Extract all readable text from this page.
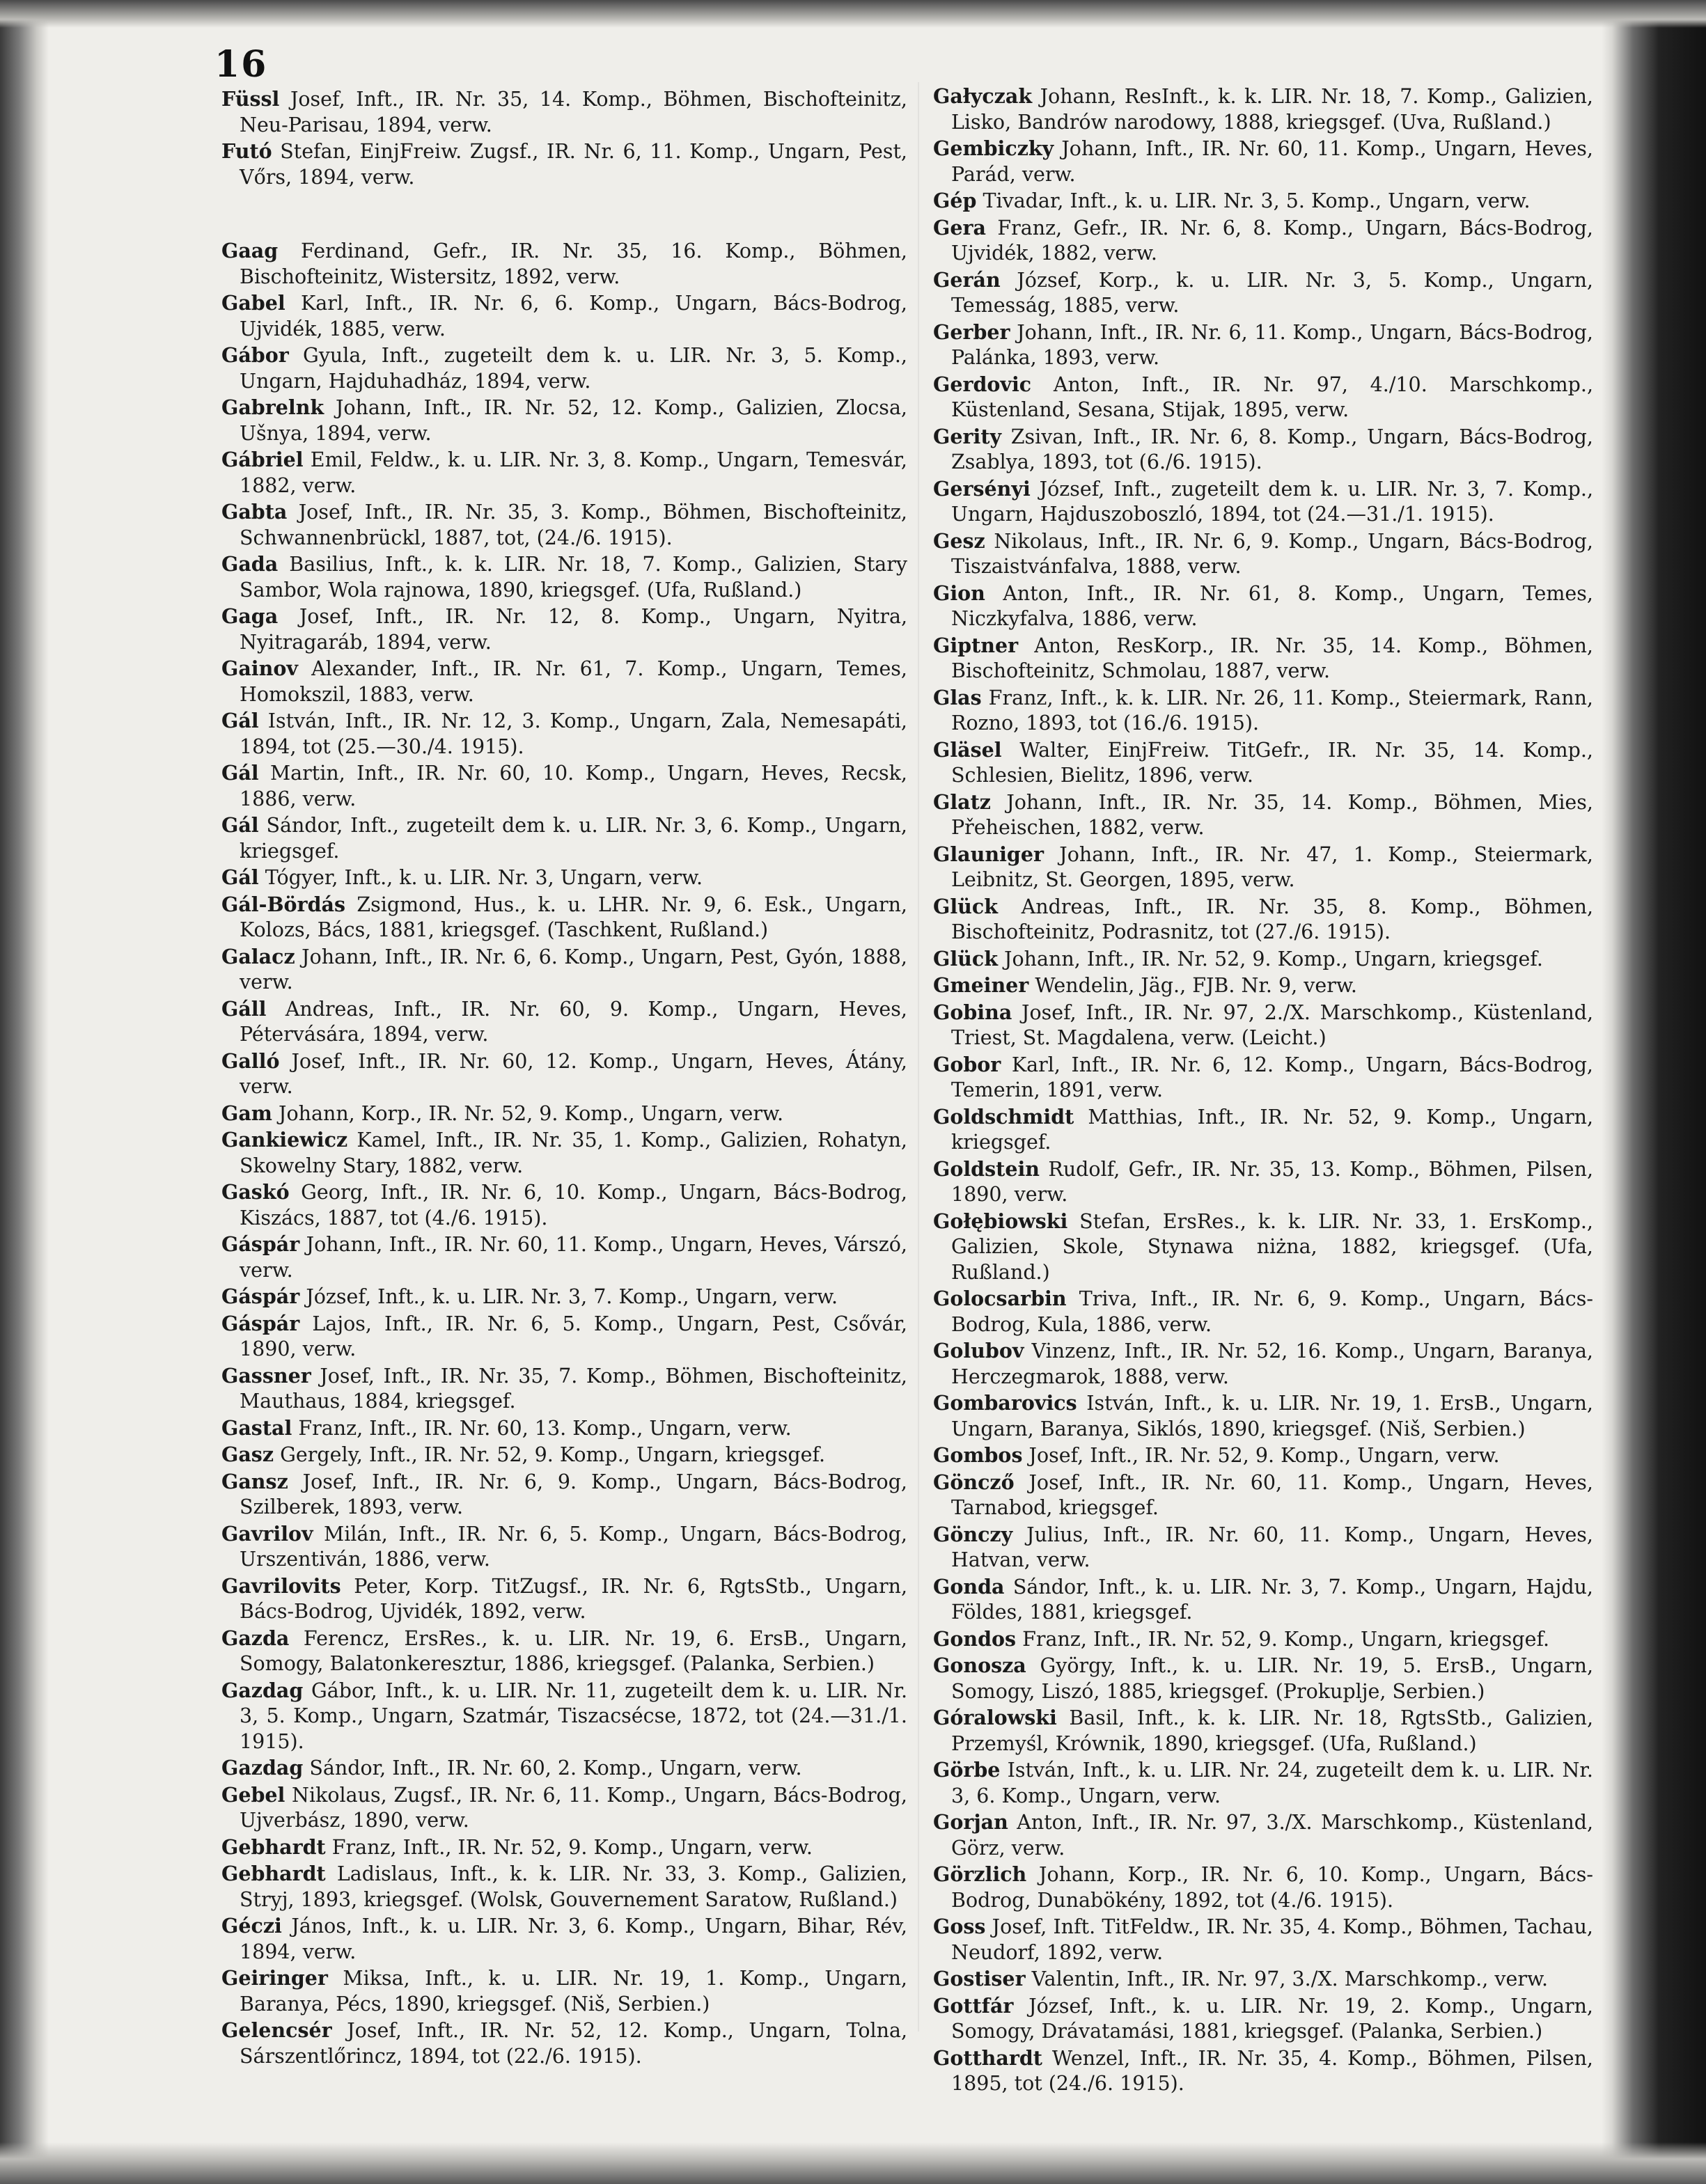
16

Füssl Josef, Inft., IR. Nr. 35, 14. Komp., Böhmen, Bischofteinitz, Neu-Parisau, 1894, verw.

Futó Stefan, EinjFreiw. Zugsf., IR. Nr. 6, 11. Komp., Ungarn, Pest, Vőrs, 1894, verw.

Gaag Ferdinand, Gefr., IR. Nr. 35, 16. Komp., Böhmen, Bischofteinitz, Wistersitz, 1892, verw.

Gabel Karl, Inft., IR. Nr. 6, 6. Komp., Ungarn, Bács-Bodrog, Ujvidék, 1885, verw.

Gábor Gyula, Inft., zugeteilt dem k. u. LIR. Nr. 3, 5. Komp., Ungarn, Hajduhadház, 1894, verw.

Gabrelnk Johann, Inft., IR. Nr. 52, 12. Komp., Galizien, Zlocsa, Ušnya, 1894, verw.

Gábriel Emil, Feldw., k. u. LIR. Nr. 3, 8. Komp., Ungarn, Temesvár, 1882, verw.

Gabta Josef, Inft., IR. Nr. 35, 3. Komp., Böhmen, Bischofteinitz, Schwannenbrückl, 1887, tot, (24./6. 1915).

Gada Basilius, Inft., k. k. LIR. Nr. 18, 7. Komp., Galizien, Stary Sambor, Wola rajnowa, 1890, kriegsgef. (Ufa, Rußland.)

Gaga Josef, Inft., IR. Nr. 12, 8. Komp., Ungarn, Nyitra, Nyitragaráb, 1894, verw.

Gainov Alexander, Inft., IR. Nr. 61, 7. Komp., Ungarn, Temes, Homokszil, 1883, verw.

Gál István, Inft., IR. Nr. 12, 3. Komp., Ungarn, Zala, Nemesapáti, 1894, tot (25.—30./4. 1915).

Gál Martin, Inft., IR. Nr. 60, 10. Komp., Ungarn, Heves, Recsk, 1886, verw.

Gál Sándor, Inft., zugeteilt dem k. u. LIR. Nr. 3, 6. Komp., Ungarn, kriegsgef.

Gál Tógyer, Inft., k. u. LIR. Nr. 3, Ungarn, verw.

Gál-Bördás Zsigmond, Hus., k. u. LHR. Nr. 9, 6. Esk., Ungarn, Kolozs, Bács, 1881, kriegsgef. (Taschkent, Rußland.)

Galacz Johann, Inft., IR. Nr. 6, 6. Komp., Ungarn, Pest, Gyón, 1888, verw.

Gáll Andreas, Inft., IR. Nr. 60, 9. Komp., Ungarn, Heves, Pétervására, 1894, verw.

Galló Josef, Inft., IR. Nr. 60, 12. Komp., Ungarn, Heves, Átány, verw.

Gam Johann, Korp., IR. Nr. 52, 9. Komp., Ungarn, verw.

Gankiewicz Kamel, Inft., IR. Nr. 35, 1. Komp., Galizien, Rohatyn, Skowelny Stary, 1882, verw.

Gaskó Georg, Inft., IR. Nr. 6, 10. Komp., Ungarn, Bács-Bodrog, Kiszács, 1887, tot (4./6. 1915).

Gáspár Johann, Inft., IR. Nr. 60, 11. Komp., Ungarn, Heves, Várszó, verw.

Gáspár József, Inft., k. u. LIR. Nr. 3, 7. Komp., Ungarn, verw.

Gáspár Lajos, Inft., IR. Nr. 6, 5. Komp., Ungarn, Pest, Csővár, 1890, verw.

Gassner Josef, Inft., IR. Nr. 35, 7. Komp., Böhmen, Bischofteinitz, Mauthaus, 1884, kriegsgef.

Gastal Franz, Inft., IR. Nr. 60, 13. Komp., Ungarn, verw.

Gasz Gergely, Inft., IR. Nr. 52, 9. Komp., Ungarn, kriegsgef.

Gansz Josef, Inft., IR. Nr. 6, 9. Komp., Ungarn, Bács-Bodrog, Szilberek, 1893, verw.

Gavrilov Milán, Inft., IR. Nr. 6, 5. Komp., Ungarn, Bács-Bodrog, Urszentiván, 1886, verw.

Gavrilovits Peter, Korp. TitZugsf., IR. Nr. 6, RgtsStb., Ungarn, Bács-Bodrog, Ujvidék, 1892, verw.

Gazda Ferencz, ErsRes., k. u. LIR. Nr. 19, 6. ErsB., Ungarn, Somogy, Balatonkeresztur, 1886, kriegsgef. (Palanka, Serbien.)

Gazdag Gábor, Inft., k. u. LIR. Nr. 11, zugeteilt dem k. u. LIR. Nr. 3, 5. Komp., Ungarn, Szatmár, Tiszacsécse, 1872, tot (24.—31./1. 1915).

Gazdag Sándor, Inft., IR. Nr. 60, 2. Komp., Ungarn, verw.

Gebel Nikolaus, Zugsf., IR. Nr. 6, 11. Komp., Ungarn, Bács-Bodrog, Ujverbász, 1890, verw.

Gebhardt Franz, Inft., IR. Nr. 52, 9. Komp., Ungarn, verw.

Gebhardt Ladislaus, Inft., k. k. LIR. Nr. 33, 3. Komp., Galizien, Stryj, 1893, kriegsgef. (Wolsk, Gouvernement Saratow, Rußland.)

Géczi János, Inft., k. u. LIR. Nr. 3, 6. Komp., Ungarn, Bihar, Rév, 1894, verw.

Geiringer Miksa, Inft., k. u. LIR. Nr. 19, 1. Komp., Ungarn, Baranya, Pécs, 1890, kriegsgef. (Niš, Serbien.)

Gelencsér Josef, Inft., IR. Nr. 52, 12. Komp., Ungarn, Tolna, Sárszentlőrincz, 1894, tot (22./6. 1915).

Gałyczak Johann, ResInft., k. k. LIR. Nr. 18, 7. Komp., Galizien, Lisko, Bandrów narodowy, 1888, kriegsgef. (Uva, Rußland.)

Gembiczky Johann, Inft., IR. Nr. 60, 11. Komp., Ungarn, Heves, Parád, verw.

Gép Tivadar, Inft., k. u. LIR. Nr. 3, 5. Komp., Ungarn, verw.

Gera Franz, Gefr., IR. Nr. 6, 8. Komp., Ungarn, Bács-Bodrog, Ujvidék, 1882, verw.

Gerán József, Korp., k. u. LIR. Nr. 3, 5. Komp., Ungarn, Temesság, 1885, verw.

Gerber Johann, Inft., IR. Nr. 6, 11. Komp., Ungarn, Bács-Bodrog, Palánka, 1893, verw.

Gerdovic Anton, Inft., IR. Nr. 97, 4./10. Marschkomp., Küstenland, Sesana, Stijak, 1895, verw.

Gerity Zsivan, Inft., IR. Nr. 6, 8. Komp., Ungarn, Bács-Bodrog, Zsablya, 1893, tot (6./6. 1915).

Gersényi József, Inft., zugeteilt dem k. u. LIR. Nr. 3, 7. Komp., Ungarn, Hajduszoboszló, 1894, tot (24.—31./1. 1915).

Gesz Nikolaus, Inft., IR. Nr. 6, 9. Komp., Ungarn, Bács-Bodrog, Tiszaistvánfalva, 1888, verw.

Gion Anton, Inft., IR. Nr. 61, 8. Komp., Ungarn, Temes, Niczkyfalva, 1886, verw.

Giptner Anton, ResKorp., IR. Nr. 35, 14. Komp., Böhmen, Bischofteinitz, Schmolau, 1887, verw.

Glas Franz, Inft., k. k. LIR. Nr. 26, 11. Komp., Steiermark, Rann, Rozno, 1893, tot (16./6. 1915).

Gläsel Walter, EinjFreiw. TitGefr., IR. Nr. 35, 14. Komp., Schlesien, Bielitz, 1896, verw.

Glatz Johann, Inft., IR. Nr. 35, 14. Komp., Böhmen, Mies, Přeheischen, 1882, verw.

Glauniger Johann, Inft., IR. Nr. 47, 1. Komp., Steiermark, Leibnitz, St. Georgen, 1895, verw.

Glück Andreas, Inft., IR. Nr. 35, 8. Komp., Böhmen, Bischofteinitz, Podrasnitz, tot (27./6. 1915).

Glück Johann, Inft., IR. Nr. 52, 9. Komp., Ungarn, kriegsgef.

Gmeiner Wendelin, Jäg., FJB. Nr. 9, verw.

Gobina Josef, Inft., IR. Nr. 97, 2./X. Marschkomp., Küstenland, Triest, St. Magdalena, verw. (Leicht.)

Gobor Karl, Inft., IR. Nr. 6, 12. Komp., Ungarn, Bács-Bodrog, Temerin, 1891, verw.

Goldschmidt Matthias, Inft., IR. Nr. 52, 9. Komp., Ungarn, kriegsgef.

Goldstein Rudolf, Gefr., IR. Nr. 35, 13. Komp., Böhmen, Pilsen, 1890, verw.

Gołębiowski Stefan, ErsRes., k. k. LIR. Nr. 33, 1. ErsKomp., Galizien, Skole, Stynawa niżna, 1882, kriegsgef. (Ufa, Rußland.)

Golocsarbin Triva, Inft., IR. Nr. 6, 9. Komp., Ungarn, Bács-Bodrog, Kula, 1886, verw.

Golubov Vinzenz, Inft., IR. Nr. 52, 16. Komp., Ungarn, Baranya, Herczegmarok, 1888, verw.

Gombarovics István, Inft., k. u. LIR. Nr. 19, 1. ErsB., Ungarn, Ungarn, Baranya, Siklós, 1890, kriegsgef. (Niš, Serbien.)

Gombos Josef, Inft., IR. Nr. 52, 9. Komp., Ungarn, verw.

Göncző Josef, Inft., IR. Nr. 60, 11. Komp., Ungarn, Heves, Tarnabod, kriegsgef.

Gönczy Julius, Inft., IR. Nr. 60, 11. Komp., Ungarn, Heves, Hatvan, verw.

Gonda Sándor, Inft., k. u. LIR. Nr. 3, 7. Komp., Ungarn, Hajdu, Földes, 1881, kriegsgef.

Gondos Franz, Inft., IR. Nr. 52, 9. Komp., Ungarn, kriegsgef.

Gonosza György, Inft., k. u. LIR. Nr. 19, 5. ErsB., Ungarn, Somogy, Liszó, 1885, kriegsgef. (Prokuplje, Serbien.)

Góralowski Basil, Inft., k. k. LIR. Nr. 18, RgtsStb., Galizien, Przemyśl, Krównik, 1890, kriegsgef. (Ufa, Rußland.)

Görbe István, Inft., k. u. LIR. Nr. 24, zugeteilt dem k. u. LIR. Nr. 3, 6. Komp., Ungarn, verw.

Gorjan Anton, Inft., IR. Nr. 97, 3./X. Marschkomp., Küstenland, Görz, verw.

Görzlich Johann, Korp., IR. Nr. 6, 10. Komp., Ungarn, Bács-Bodrog, Dunabökény, 1892, tot (4./6. 1915).

Goss Josef, Inft. TitFeldw., IR. Nr. 35, 4. Komp., Böhmen, Tachau, Neudorf, 1892, verw.

Gostiser Valentin, Inft., IR. Nr. 97, 3./X. Marschkomp., verw.

Gottfár József, Inft., k. u. LIR. Nr. 19, 2. Komp., Ungarn, Somogy, Drávatamási, 1881, kriegsgef. (Palanka, Serbien.)

Gotthardt Wenzel, Inft., IR. Nr. 35, 4. Komp., Böhmen, Pilsen, 1895, tot (24./6. 1915).
